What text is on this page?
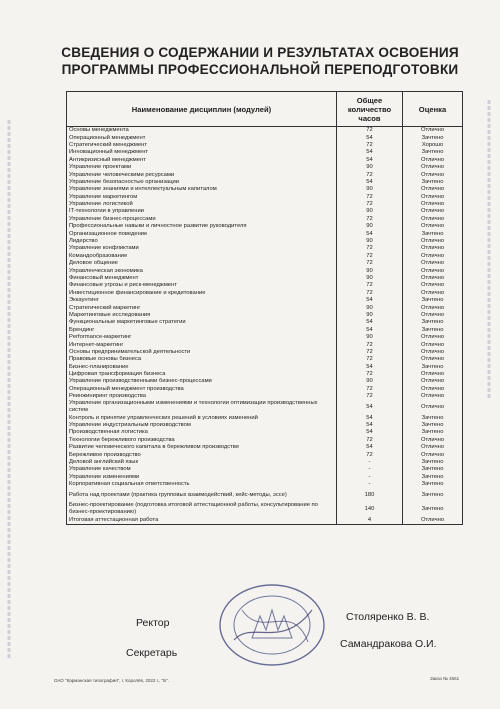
СВЕДЕНИЯ О СОДЕРЖАНИИ И РЕЗУЛЬТАТАХ ОСВОЕНИЯ
ПРОГРАММЫ ПРОФЕССИОНАЛЬНОЙ ПЕРЕПОДГОТОВКИ
Наименование дисциплин (модулей)	Общее количество часов	Оценка
Основы менеджмента	72	Отлично
Операционный менеджмент	54	Зачтено
Стратегический менеджмент	72	Хорошо
Инновационный менеджмент	54	Зачтено
Антикризисный менеджмент	54	Отлично
Управление проектами	90	Отлично
Управление человеческими ресурсами	72	Отлично
Управление безопасностью организации	54	Зачтено
Управление знаниями и интеллектуальным капиталом	90	Отлично
Управление маркетингом	72	Отлично
Управление логистикой	72	Отлично
IT-технологии в управлении	90	Отлично
Управление бизнес-процессами	72	Отлично
Профессиональные навыки и личностное развитие руководителя	90	Отлично
Организационное поведение	54	Зачтено
Лидерство	90	Отлично
Управление конфликтами	72	Отлично
Командообразование	72	Отлично
Деловое общение	72	Отлично
Управленческая экономика	90	Отлично
Финансовый менеджмент	90	Отлично
Финансовые угрозы и риск-менеджмент	72	Отлично
Инвестиционное финансирование и кредитование	72	Отлично
Эккаунтинг	54	Зачтено
Стратегический маркетинг	90	Отлично
Маркетинговые исследования	90	Отлично
Функциональные маркетинговые стратегии	54	Зачтено
Брендинг	54	Зачтено
Performance-маркетинг	90	Отлично
Интернет-маркетинг	72	Отлично
Основы предпринимательской деятельности	72	Отлично
Правовые основы бизнеса	72	Отлично
Бизнес-планирование	54	Зачтено
Цифровая трансформация бизнеса	72	Отлично
Управление производственными бизнес-процессами	90	Отлично
Операционный менеджмент производства	72	Отлично
Реинжиниринг производства	72	Отлично
Управление организационными изменениями и технологии оптимизации производственных систем	54	Отлично
Контроль и принятие управленческих решений в условиях изменений	54	Зачтено
Управление индустриальным производством	54	Зачтено
Производственная логистика	54	Зачтено
Технологии бережливого производства	72	Отлично
Развитие человеческого капитала в бережливом производстве	54	Отлично
Бережливое производство	72	Отлично
Деловой английский язык	-	Зачтено
Управление качеством	-	Зачтено
Управление изменениями	-	Зачтено
Корпоративная социальная ответственность	-	Зачтено
Работа над проектами (практика групповых взаимодействий, кейс-методы, эссе)	180	Зачтено
Бизнес-проектирование (подготовка итоговой аттестационной работы, консультирование по бизнес-проектированию)	140	Зачтено
Итоговая аттестационная работа	4	Отлично
Ректор	Столяренко В. В.
Секретарь
Самандракова О.И.
ОАО "Карманская типография", г. Королёв, 2022 г., "Б".	Заказ № 4561
